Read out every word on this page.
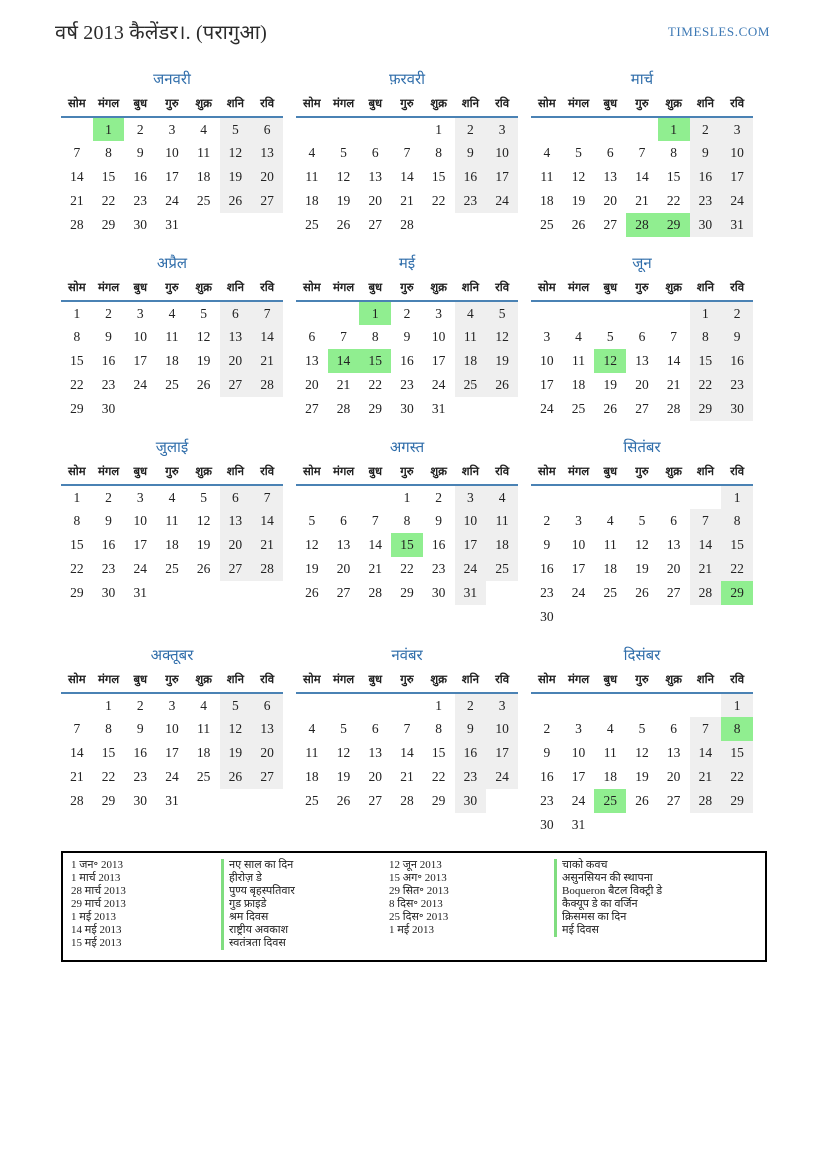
वर्ष 2013 कैलेंडर।. (परागुआ)	TIMESLES.COM
जनवरी
सोम	मंगल	बुध	गुरु	शुक्र	शनि	रवि
	1	2	3	4	5	6
7	8	9	10	11	12	13
14	15	16	17	18	19	20
21	22	23	24	25	26	27
28	29	30	31			
फ़रवरी
सोम	मंगल	बुध	गुरु	शुक्र	शनि	रवि
				1	2	3
4	5	6	7	8	9	10
11	12	13	14	15	16	17
18	19	20	21	22	23	24
25	26	27	28			
मार्च
सोम	मंगल	बुध	गुरु	शुक्र	शनि	रवि
				1	2	3
4	5	6	7	8	9	10
11	12	13	14	15	16	17
18	19	20	21	22	23	24
25	26	27	28	29	30	31
अप्रैल
सोम	मंगल	बुध	गुरु	शुक्र	शनि	रवि
1	2	3	4	5	6	7
8	9	10	11	12	13	14
15	16	17	18	19	20	21
22	23	24	25	26	27	28
29	30					
मई
सोम	मंगल	बुध	गुरु	शुक्र	शनि	रवि
		1	2	3	4	5
6	7	8	9	10	11	12
13	14	15	16	17	18	19
20	21	22	23	24	25	26
27	28	29	30	31		
जून
सोम	मंगल	बुध	गुरु	शुक्र	शनि	रवि
					1	2
3	4	5	6	7	8	9
10	11	12	13	14	15	16
17	18	19	20	21	22	23
24	25	26	27	28	29	30
जुलाई
सोम	मंगल	बुध	गुरु	शुक्र	शनि	रवि
1	2	3	4	5	6	7
8	9	10	11	12	13	14
15	16	17	18	19	20	21
22	23	24	25	26	27	28
29	30	31				
अगस्त
सोम	मंगल	बुध	गुरु	शुक्र	शनि	रवि
			1	2	3	4
5	6	7	8	9	10	11
12	13	14	15	16	17	18
19	20	21	22	23	24	25
26	27	28	29	30	31	
सितंबर
सोम	मंगल	बुध	गुरु	शुक्र	शनि	रवि
						1
2	3	4	5	6	7	8
9	10	11	12	13	14	15
16	17	18	19	20	21	22
23	24	25	26	27	28	29
30						
अक्तूबर
सोम	मंगल	बुध	गुरु	शुक्र	शनि	रवि
	1	2	3	4	5	6
7	8	9	10	11	12	13
14	15	16	17	18	19	20
21	22	23	24	25	26	27
28	29	30	31			
नवंबर
सोम	मंगल	बुध	गुरु	शुक्र	शनि	रवि
				1	2	3
4	5	6	7	8	9	10
11	12	13	14	15	16	17
18	19	20	21	22	23	24
25	26	27	28	29	30	
दिसंबर
सोम	मंगल	बुध	गुरु	शुक्र	शनि	रवि
						1
2	3	4	5	6	7	8
9	10	11	12	13	14	15
16	17	18	19	20	21	22
23	24	25	26	27	28	29
30	31					
1 जन॰ 2013	नए साल का दिन
1 मार्च 2013	हीरोज़ डे
28 मार्च 2013	पुण्य बृहस्पतिवार
29 मार्च 2013	गुड फ्राइडे
1 मई 2013	श्रम दिवस
14 मई 2013	राष्ट्रीय अवकाश
15 मई 2013	स्वतंत्रता दिवस
12 जून 2013	चाको कवच
15 अग॰ 2013	असुनसियन की स्थापना
29 सित॰ 2013	Boqueron बैटल विक्ट्री डे
8 दिस॰ 2013	कैक्यूप डे का वर्जिन
25 दिस॰ 2013	क्रिसमस का दिन
1 मई 2013	मई दिवस
